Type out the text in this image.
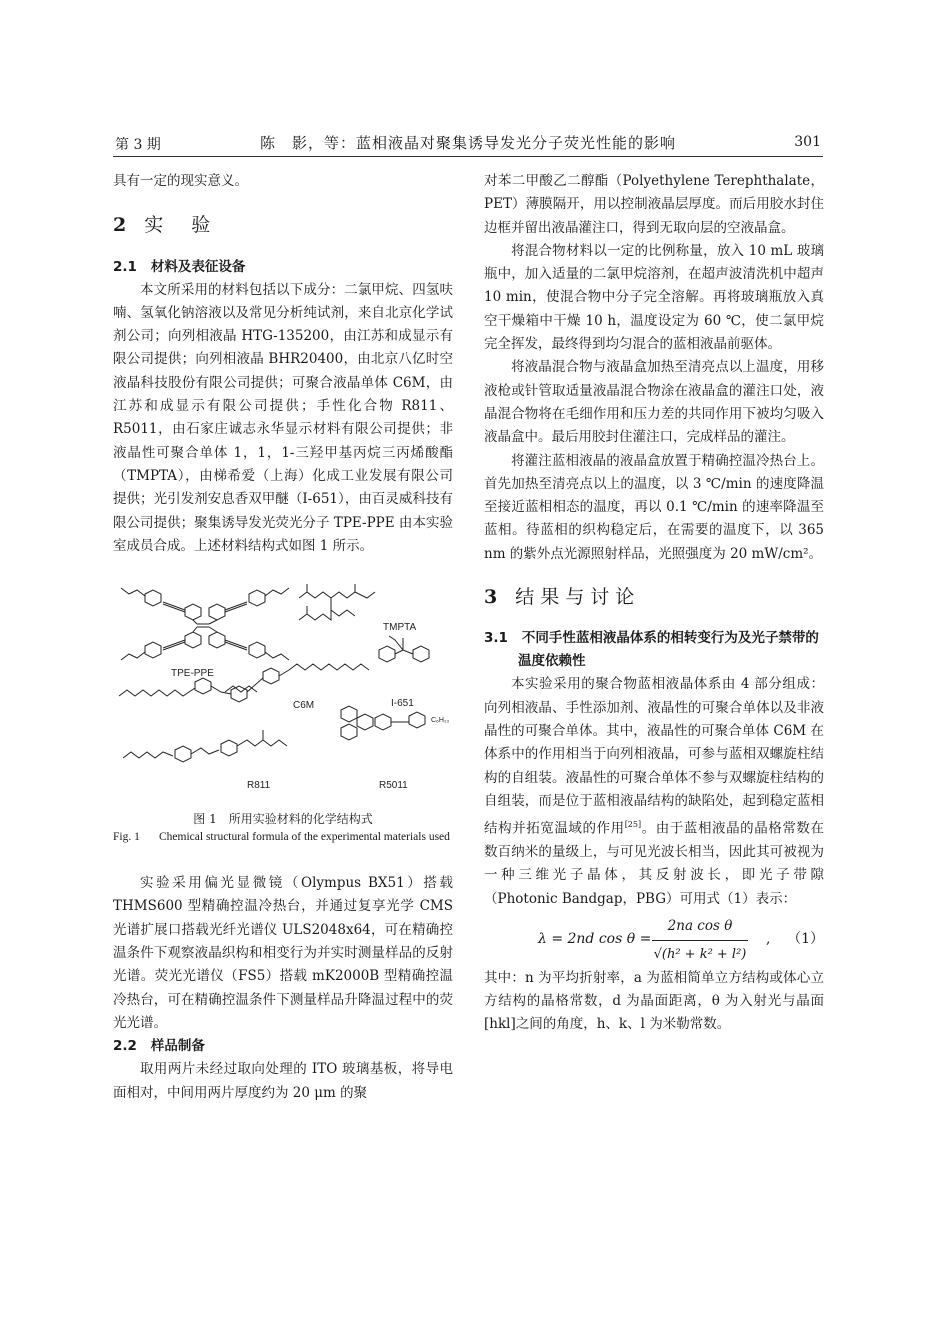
第 3 期	陈　影，等：蓝相液晶对聚集诱导发光分子荧光性能的影响	301

具有一定的现实意义。

2 实验
2.1 材料及表征设备

本文所采用的材料包括以下成分：二氯甲烷、四氢呋喃、氢氧化钠溶液以及常见分析纯试剂，来自北京化学试剂公司；向列相液晶 HTG-135200，由江苏和成显示有限公司提供；向列相液晶 BHR20400，由北京八亿时空液晶科技股份有限公司提供；可聚合液晶单体 C6M，由江苏和成显示有限公司提供；手性化合物 R811、R5011，由石家庄诚志永华显示材料有限公司提供；非液晶性可聚合单体 1，1，1-三羟甲基丙烷三丙烯酸酯（TMPTA），由梯希爱（上海）化成工业发展有限公司提供；光引发剂安息香双甲醚（I-651），由百灵威科技有限公司提供；聚集诱导发光荧光分子 TPE-PPE 由本实验室成员合成。上述材料结构式如图 1 所示。

TPE-PPE
TMPTA
C6M	I-651
R811	R5011
C₆H₁₃
图 1　所用实验材料的化学结构式
Fig. 1	Chemical structural formula of the experimental materials used

实验采用偏光显微镜（Olympus BX51）搭载 THMS600 型精确控温冷热台，并通过复享光学 CMS 光谱扩展口搭载光纤光谱仪 ULS2048x64，可在精确控温条件下观察液晶织构和相变行为并实时测量样品的反射光谱。荧光光谱仪（FS5）搭载 mK2000B 型精确控温冷热台，可在精确控温条件下测量样品升降温过程中的荧光光谱。

2.2 样品制备

取用两片未经过取向处理的 ITO 玻璃基板，将导电面相对，中间用两片厚度约为 20 μm 的聚

对苯二甲酸乙二醇酯（Polyethylene Terephthalate，PET）薄膜隔开，用以控制液晶层厚度。而后用胶水封住边框并留出液晶灌注口，得到无取向层的空液晶盒。

将混合物材料以一定的比例称量，放入 10 mL 玻璃瓶中，加入适量的二氯甲烷溶剂，在超声波清洗机中超声 10 min，使混合物中分子完全溶解。再将玻璃瓶放入真空干燥箱中干燥 10 h，温度设定为 60 ℃，使二氯甲烷完全挥发，最终得到均匀混合的蓝相液晶前驱体。

将液晶混合物与液晶盒加热至清亮点以上温度，用移液枪或针管取适量液晶混合物涂在液晶盒的灌注口处，液晶混合物将在毛细作用和压力差的共同作用下被均匀吸入液晶盒中。最后用胶封住灌注口，完成样品的灌注。

将灌注蓝相液晶的液晶盒放置于精确控温冷热台上。首先加热至清亮点以上的温度，以 3 ℃/min 的速度降温至接近蓝相相态的温度，再以 0.1 ℃/min 的速率降温至蓝相。待蓝相的织构稳定后，在需要的温度下，以 365 nm 的紫外点光源照射样品，光照强度为 20 mW/cm²。

3 结果与讨论
3.1 不同手性蓝相液晶体系的相转变行为及光子禁带的温度依赖性

本实验采用的聚合物蓝相液晶体系由 4 部分组成：向列相液晶、手性添加剂、液晶性的可聚合单体以及非液晶性的可聚合单体。其中，液晶性的可聚合单体 C6M 在体系中的作用相当于向列相液晶，可参与蓝相双螺旋柱结构的自组装。液晶性的可聚合单体不参与双螺旋柱结构的自组装，而是位于蓝相液晶结构的缺陷处，起到稳定蓝相结构并拓宽温域的作用[25]。由于蓝相液晶的晶格常数在数百纳米的量级上，与可见光波长相当，因此其可被视为一种三维光子晶体，其反射波长，即光子带隙（Photonic Bandgap，PBG）可用式（1）表示：

λ = 2nd $\cos \theta = \frac{\text{2na cos θ}}{\text{√(h² + k² + l²)}}$ , （1）

其中：n 为平均折射率，a 为蓝相简单立方结构或体心立方结构的晶格常数，d 为晶面距离，θ 为入射光与晶面[hkl]之间的角度，h、k、l 为米勒常数。
